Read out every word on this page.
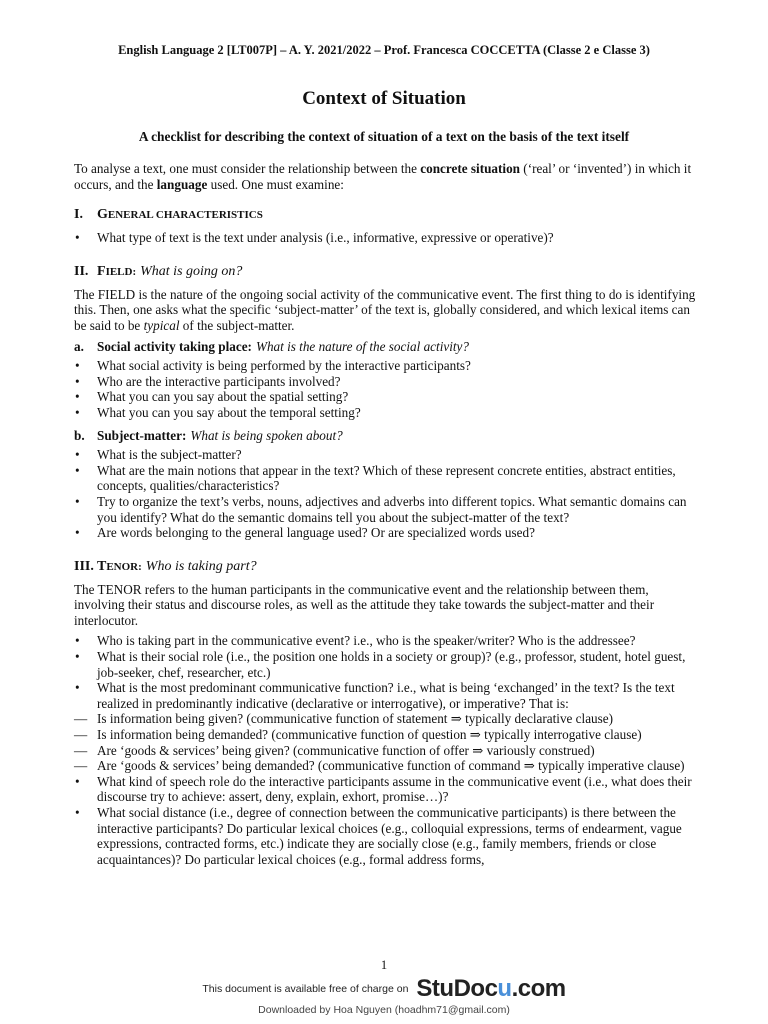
English Language 2 [LT007P] – A. Y. 2021/2022 – Prof. Francesca COCCETTA (Classe 2 e Classe 3)
Context of Situation
A checklist for describing the context of situation of a text on the basis of the text itself

To analyse a text, one must consider the relationship between the concrete situation (‘real’ or ‘invented’) in which it occurs, and the language used. One must examine:

I.	GENERAL CHARACTERISTICS
• What type of text is the text under analysis (i.e., informative, expressive or operative)?
II. FIELD: What is going on?

The FIELD is the nature of the ongoing social activity of the communicative event. The first thing to do is identifying this. Then, one asks what the specific ‘subject-matter’ of the text is, globally considered, and which lexical items can be said to be typical of the subject-matter.

a. Social activity taking place: What is the nature of the social activity?
• What social activity is being performed by the interactive participants?
• Who are the interactive participants involved?
• What you can you say about the spatial setting?
• What you can you say about the temporal setting?
b. Subject-matter: What is being spoken about?
• What is the subject-matter?
• What are the main notions that appear in the text? Which of these represent concrete entities, abstract entities, concepts, qualities/characteristics?
• Try to organize the text’s verbs, nouns, adjectives and adverbs into different topics. What semantic domains can you identify? What do the semantic domains tell you about the subject-matter of the text?
• Are words belonging to the general language used? Or are specialized words used?
III. TENOR: Who is taking part?

The TENOR refers to the human participants in the communicative event and the relationship between them, involving their status and discourse roles, as well as the attitude they take towards the subject-matter and their interlocutor.

• Who is taking part in the communicative event? i.e., who is the speaker/writer? Who is the addressee?
• What is their social role (i.e., the position one holds in a society or group)? (e.g., professor, student, hotel guest, job-seeker, chef, researcher, etc.)
• What is the most predominant communicative function? i.e., what is being ‘exchanged’ in the text? Is the text realized in predominantly indicative (declarative or interrogative), or imperative? That is:
— Is information being given? (communicative function of statement ⇒ typically declarative clause)
— Is information being demanded? (communicative function of question ⇒ typically interrogative clause)
— Are ‘goods & services’ being given? (communicative function of offer ⇒ variously construed)
— Are ‘goods & services’ being demanded? (communicative function of command ⇒ typically imperative clause)
• What kind of speech role do the interactive participants assume in the communicative event (i.e., what does their discourse try to achieve: assert, deny, explain, exhort, promise…)?
• What social distance (i.e., degree of connection between the communicative participants) is there between the interactive participants? Do particular lexical choices (e.g., colloquial expressions, terms of endearment, vague expressions, contracted forms, etc.) indicate they are socially close (e.g., family members, friends or close acquaintances)? Do particular lexical choices (e.g., formal address forms,
1
This document is available free of charge on StuDocu.com
Downloaded by Hoa Nguyen (hoadhm71@gmail.com)
